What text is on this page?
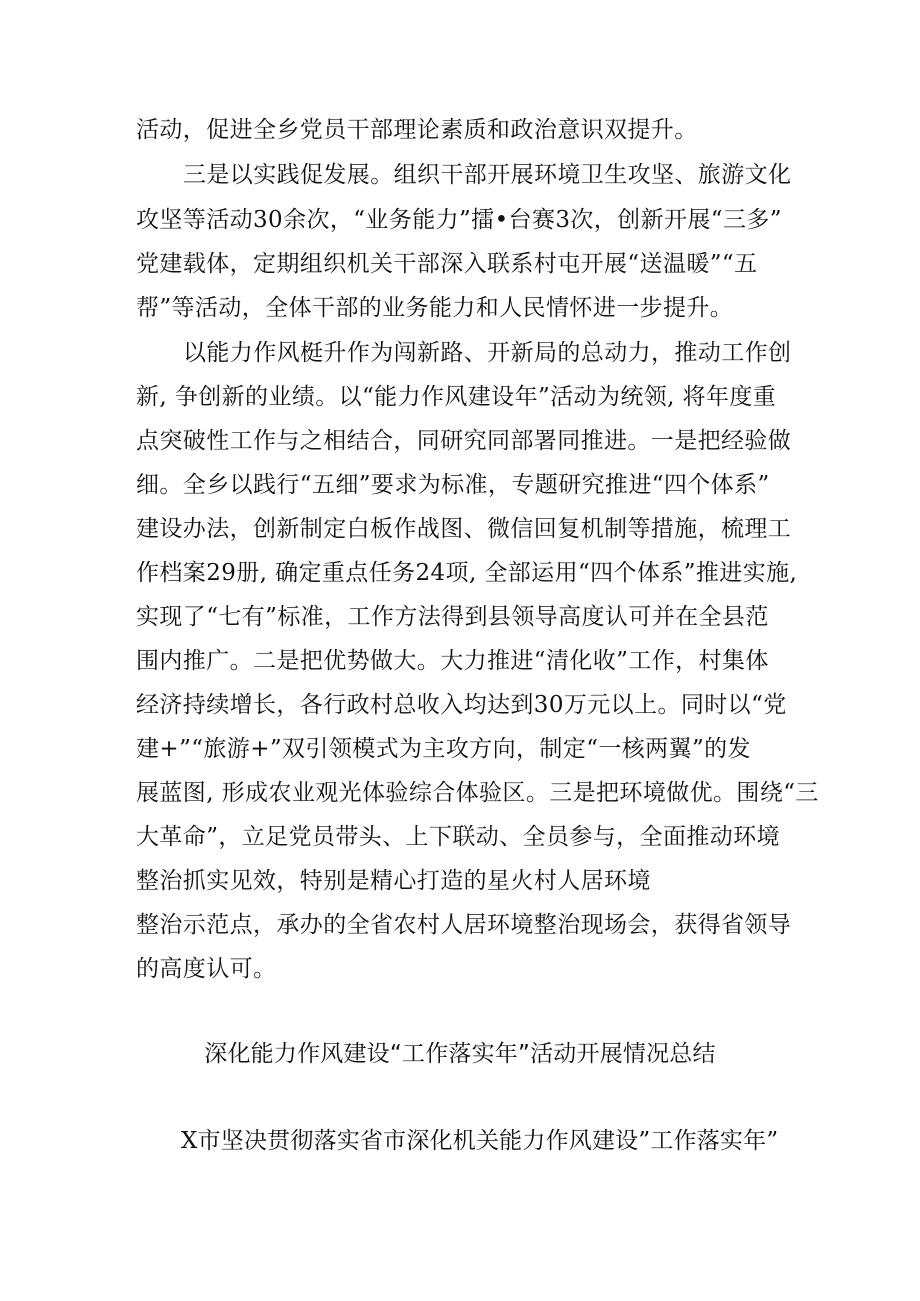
活动，促进全乡党员干部理论素质和政治意识双提升。
三是以实践促发展。组织干部开展环境卫生攻坚、旅游文化
攻坚等活动30余次，“业务能力”擂•台赛3次，创新开展“三多”
党建载体，定期组织机关干部深入联系村屯开展“送温暖”“五
帮”等活动，全体干部的业务能力和人民情怀进一步提升。
以能力作风梃升作为闯新路、开新局的总动力，推动工作创
新, 争创新的业绩。以“能力作风建设年”活动为统领, 将年度重
点突破性工作与之相结合，同研究同部署同推进。一是把经验做
细。全乡以践行“五细”要求为标准，专题研究推进“四个体系”
建设办法，创新制定白板作战图、微信回复机制等措施，梳理工
作档案29册, 确定重点任务24项, 全部运用“四个体系”推进实施,
实现了“七有”标准，工作方法得到县领导高度认可并在全县范
围内推广。二是把优势做大。大力推进“清化收”工作，村集体
经济持续增长，各行政村总收入均达到30万元以上。同时以“党
建+”“旅游+”双引领模式为主攻方向，制定“一核两翼”的发
展蓝图, 形成农业观光体验综合体验区。三是把环境做优。围绕“三
大革命”，立足党员带头、上下联动、全员参与，全面推动环境
整治抓实见效，特别是精心打造的星火村人居环境
整治示范点，承办的全省农村人居环境整治现场会，获得省领导
的高度认可。
深化能力作风建设“工作落实年”活动开展情况总结
X市坚决贯彻落实省市深化机关能力作风建设”工作落实年”
